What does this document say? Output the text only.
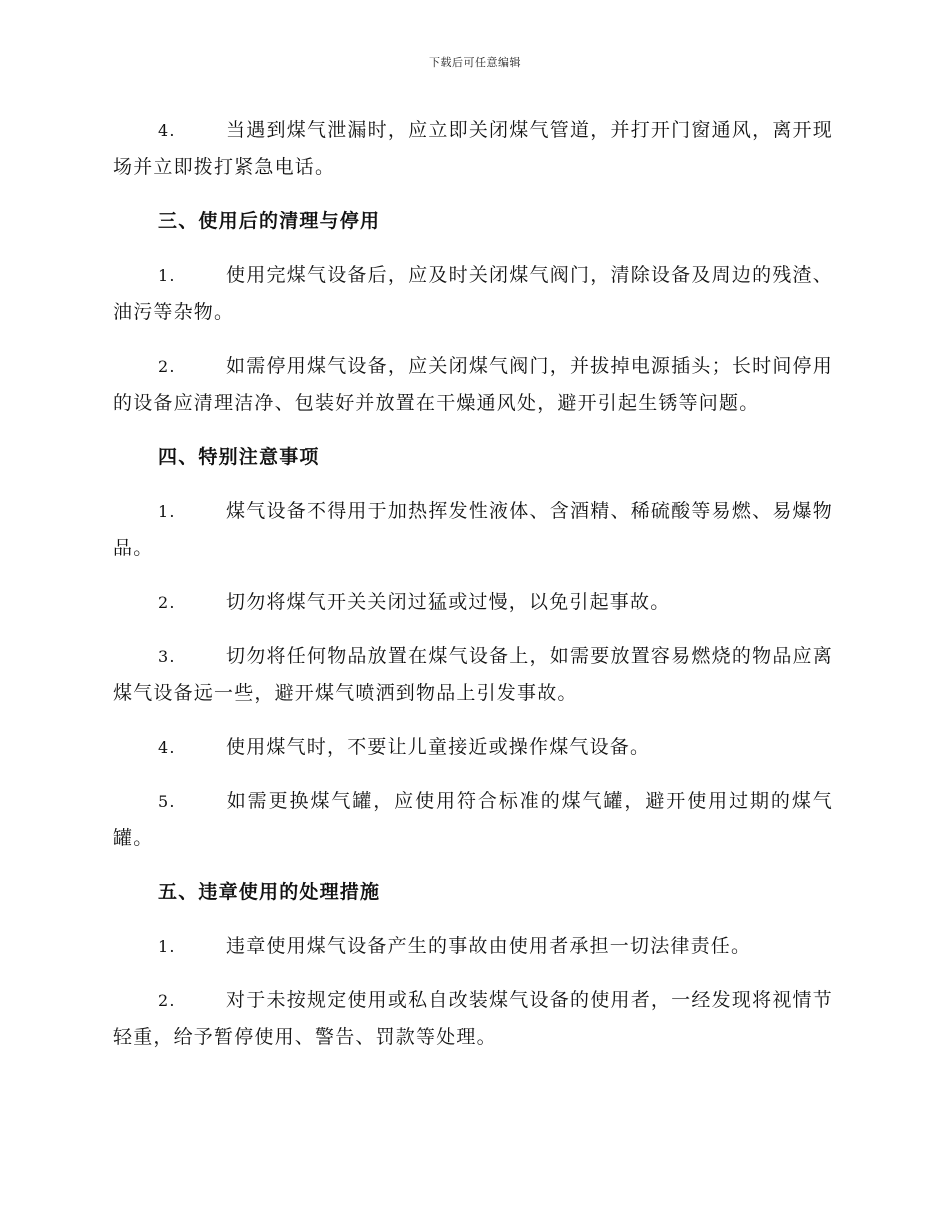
下载后可任意编辑

4.	当遇到煤气泄漏时，应立即关闭煤气管道，并打开门窗通风，离开现场并立即拨打紧急电话。

三、使用后的清理与停用

1.	使用完煤气设备后，应及时关闭煤气阀门，清除设备及周边的残渣、油污等杂物。

2.	如需停用煤气设备，应关闭煤气阀门，并拔掉电源插头；长时间停用的设备应清理洁净、包装好并放置在干燥通风处，避开引起生锈等问题。

四、特别注意事项

1.	煤气设备不得用于加热挥发性液体、含酒精、稀硫酸等易燃、易爆物品。

2.	切勿将煤气开关关闭过猛或过慢，以免引起事故。

3.	切勿将任何物品放置在煤气设备上，如需要放置容易燃烧的物品应离煤气设备远一些，避开煤气喷洒到物品上引发事故。

4.	使用煤气时，不要让儿童接近或操作煤气设备。

5.	如需更换煤气罐，应使用符合标准的煤气罐，避开使用过期的煤气罐。

五、违章使用的处理措施

1.	违章使用煤气设备产生的事故由使用者承担一切法律责任。

2.	对于未按规定使用或私自改装煤气设备的使用者，一经发现将视情节轻重，给予暂停使用、警告、罚款等处理。
